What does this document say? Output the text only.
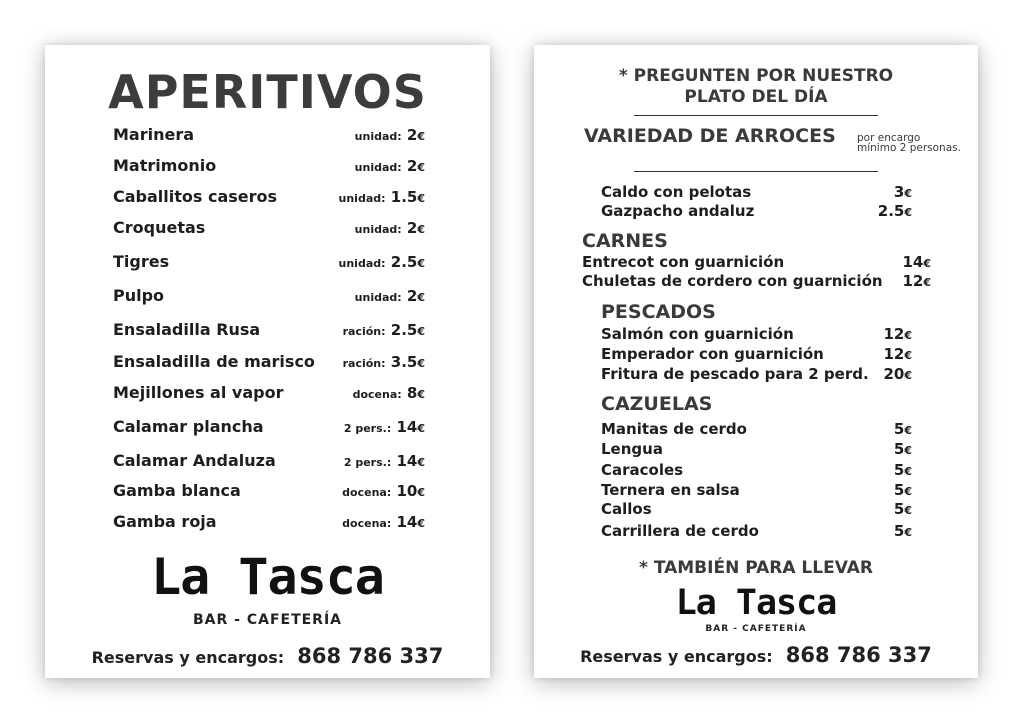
APERITIVOS
Marinera	unidad: 2€
Matrimonio	unidad: 2€
Caballitos caseros	unidad: 1.5€
Croquetas	unidad: 2€
Tigres	unidad: 2.5€
Pulpo	unidad: 2€
Ensaladilla Rusa	ración: 2.5€
Ensaladilla de marisco	ración: 3.5€
Mejillones al vapor	docena: 8€
Calamar plancha	2 pers.: 14€
Calamar Andaluza	2 pers.: 14€
Gamba blanca	docena: 10€
Gamba roja	docena: 14€
La Tasca
BAR - CAFETERÍA
Reservas y encargos: 868 786 337
* PREGUNTEN POR NUESTRO
PLATO DEL DÍA
VARIEDAD DE ARROCES por encargo
mínimo 2 personas.
Caldo con pelotas	3€
Gazpacho andaluz	2.5€
CARNES
Entrecot con guarnición	14€
Chuletas de cordero con guarnición 12€
PESCADOS
Salmón con guarnición	12€
Emperador con guarnición	12€
Fritura de pescado para 2 perd. 20€
CAZUELAS
Manitas de cerdo	5€
Lengua	5€
Caracoles	5€
Ternera en salsa	5€
Callos	5€
Carrillera de cerdo	5€
* TAMBIÉN PARA LLEVAR
La Tasca
BAR - CAFETERÍA
Reservas y encargos: 868 786 337
